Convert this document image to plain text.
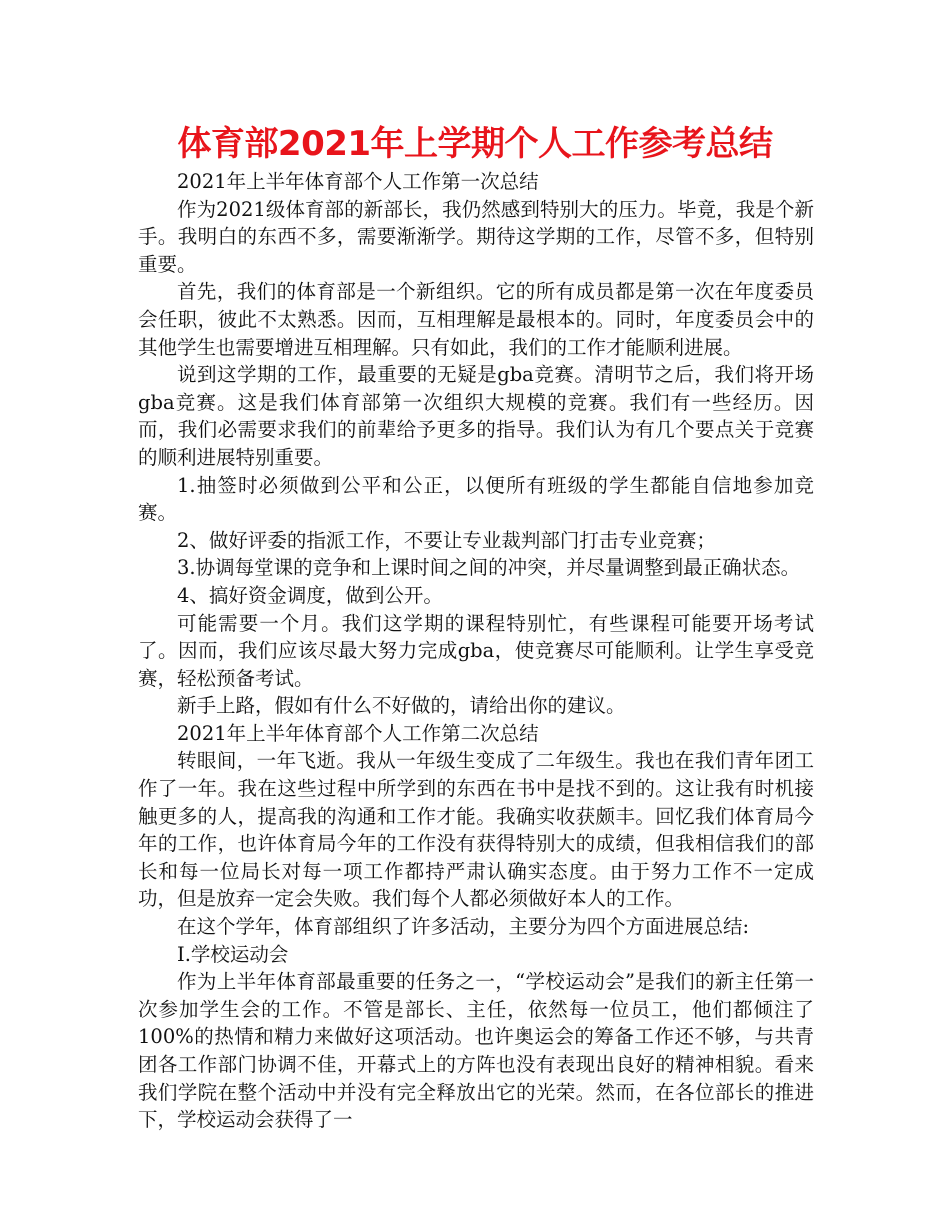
体育部2021年上学期个人工作参考总结

2021年上半年体育部个人工作第一次总结

作为2021级体育部的新部长，我仍然感到特别大的压力。毕竟，我是个新手。我明白的东西不多，需要渐渐学。期待这学期的工作，尽管不多，但特别重要。

首先，我们的体育部是一个新组织。它的所有成员都是第一次在年度委员会任职，彼此不太熟悉。因而，互相理解是最根本的。同时，年度委员会中的其他学生也需要增进互相理解。只有如此，我们的工作才能顺利进展。

说到这学期的工作，最重要的无疑是gba竞赛。清明节之后，我们将开场gba竞赛。这是我们体育部第一次组织大规模的竞赛。我们有一些经历。因而，我们必需要求我们的前辈给予更多的指导。我们认为有几个要点关于竞赛的顺利进展特别重要。

1.抽签时必须做到公平和公正，以便所有班级的学生都能自信地参加竞赛。

2、做好评委的指派工作，不要让专业裁判部门打击专业竞赛；

3.协调每堂课的竞争和上课时间之间的冲突，并尽量调整到最正确状态。

4、搞好资金调度，做到公开。

可能需要一个月。我们这学期的课程特别忙，有些课程可能要开场考试了。因而，我们应该尽最大努力完成gba，使竞赛尽可能顺利。让学生享受竞赛，轻松预备考试。

新手上路，假如有什么不好做的，请给出你的建议。

2021年上半年体育部个人工作第二次总结

转眼间，一年飞逝。我从一年级生变成了二年级生。我也在我们青年团工作了一年。我在这些过程中所学到的东西在书中是找不到的。这让我有时机接触更多的人，提高我的沟通和工作才能。我确实收获颇丰。回忆我们体育局今年的工作，也许体育局今年的工作没有获得特别大的成绩，但我相信我们的部长和每一位局长对每一项工作都持严肃认确实态度。由于努力工作不一定成功，但是放弃一定会失败。我们每个人都必须做好本人的工作。

在这个学年，体育部组织了许多活动，主要分为四个方面进展总结:

Ⅰ.学校运动会

作为上半年体育部最重要的任务之一，“学校运动会”是我们的新主任第一次参加学生会的工作。不管是部长、主任，依然每一位员工，他们都倾注了100%的热情和精力来做好这项活动。也许奥运会的筹备工作还不够，与共青团各工作部门协调不佳，开幕式上的方阵也没有表现出良好的精神相貌。看来我们学院在整个活动中并没有完全释放出它的光荣。然而，在各位部长的推进下，学校运动会获得了一
